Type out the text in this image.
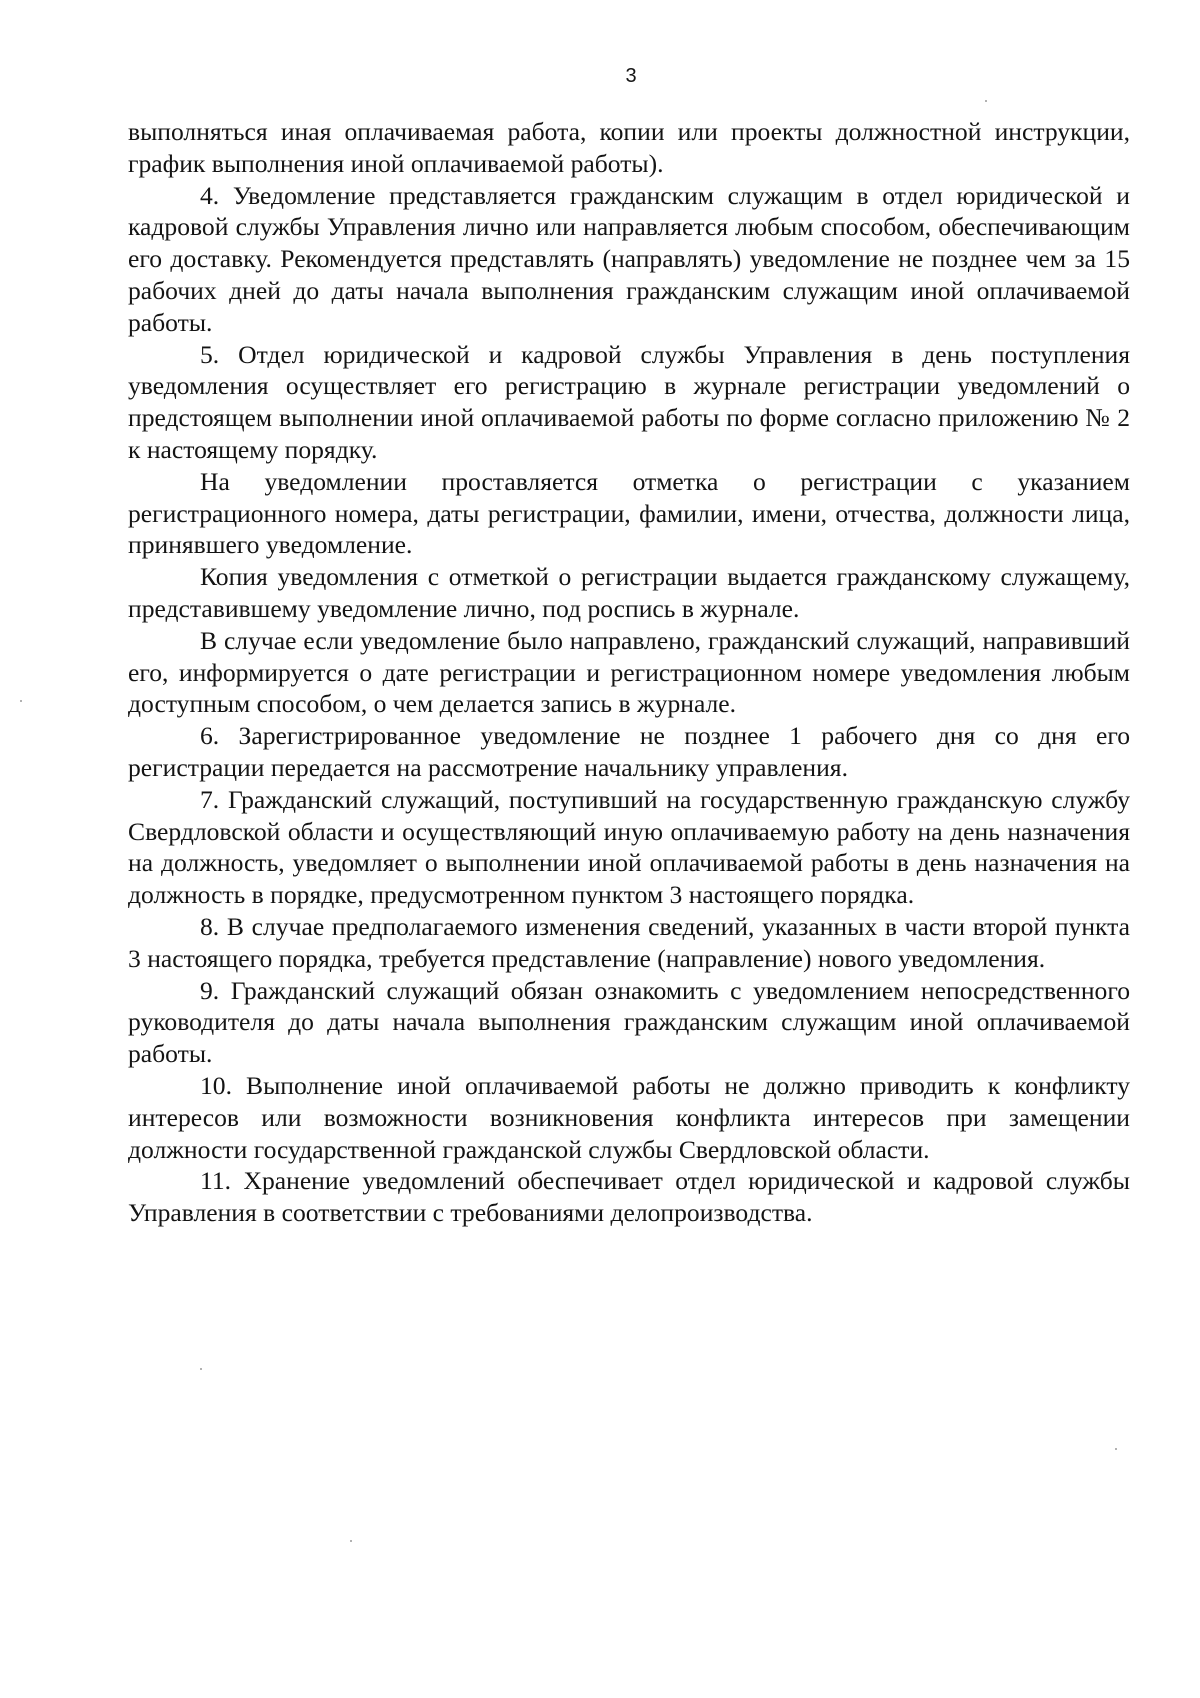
3

выполняться иная оплачиваемая работа, копии или проекты должностной инструкции, график выполнения иной оплачиваемой работы).

4. Уведомление представляется гражданским служащим в отдел юридической и кадровой службы Управления лично или направляется любым способом, обеспечивающим его доставку. Рекомендуется представлять (направлять) уведомление не позднее чем за 15 рабочих дней до даты начала выполнения гражданским служащим иной оплачиваемой работы.

5. Отдел юридической и кадровой службы Управления в день поступления уведомления осуществляет его регистрацию в журнале регистрации уведомлений о предстоящем выполнении иной оплачиваемой работы по форме согласно приложению № 2 к настоящему порядку.

На уведомлении проставляется отметка о регистрации с указанием регистрационного номера, даты регистрации, фамилии, имени, отчества, должности лица, принявшего уведомление.

Копия уведомления с отметкой о регистрации выдается гражданскому служащему, представившему уведомление лично, под роспись в журнале.

В случае если уведомление было направлено, гражданский служащий, направивший его, информируется о дате регистрации и регистрационном номере уведомления любым доступным способом, о чем делается запись в журнале.

6. Зарегистрированное уведомление не позднее 1 рабочего дня со дня его регистрации передается на рассмотрение начальнику управления.

7. Гражданский служащий, поступивший на государственную гражданскую службу Свердловской области и осуществляющий иную оплачиваемую работу на день назначения на должность, уведомляет о выполнении иной оплачиваемой работы в день назначения на должность в порядке, предусмотренном пунктом 3 настоящего порядка.

8. В случае предполагаемого изменения сведений, указанных в части второй пункта 3 настоящего порядка, требуется представление (направление) нового уведомления.

9. Гражданский служащий обязан ознакомить с уведомлением непосредственного руководителя до даты начала выполнения гражданским служащим иной оплачиваемой работы.

10. Выполнение иной оплачиваемой работы не должно приводить к конфликту интересов или возможности возникновения конфликта интересов при замещении должности государственной гражданской службы Свердловской области.

11. Хранение уведомлений обеспечивает отдел юридической и кадровой службы Управления в соответствии с требованиями делопроизводства.
